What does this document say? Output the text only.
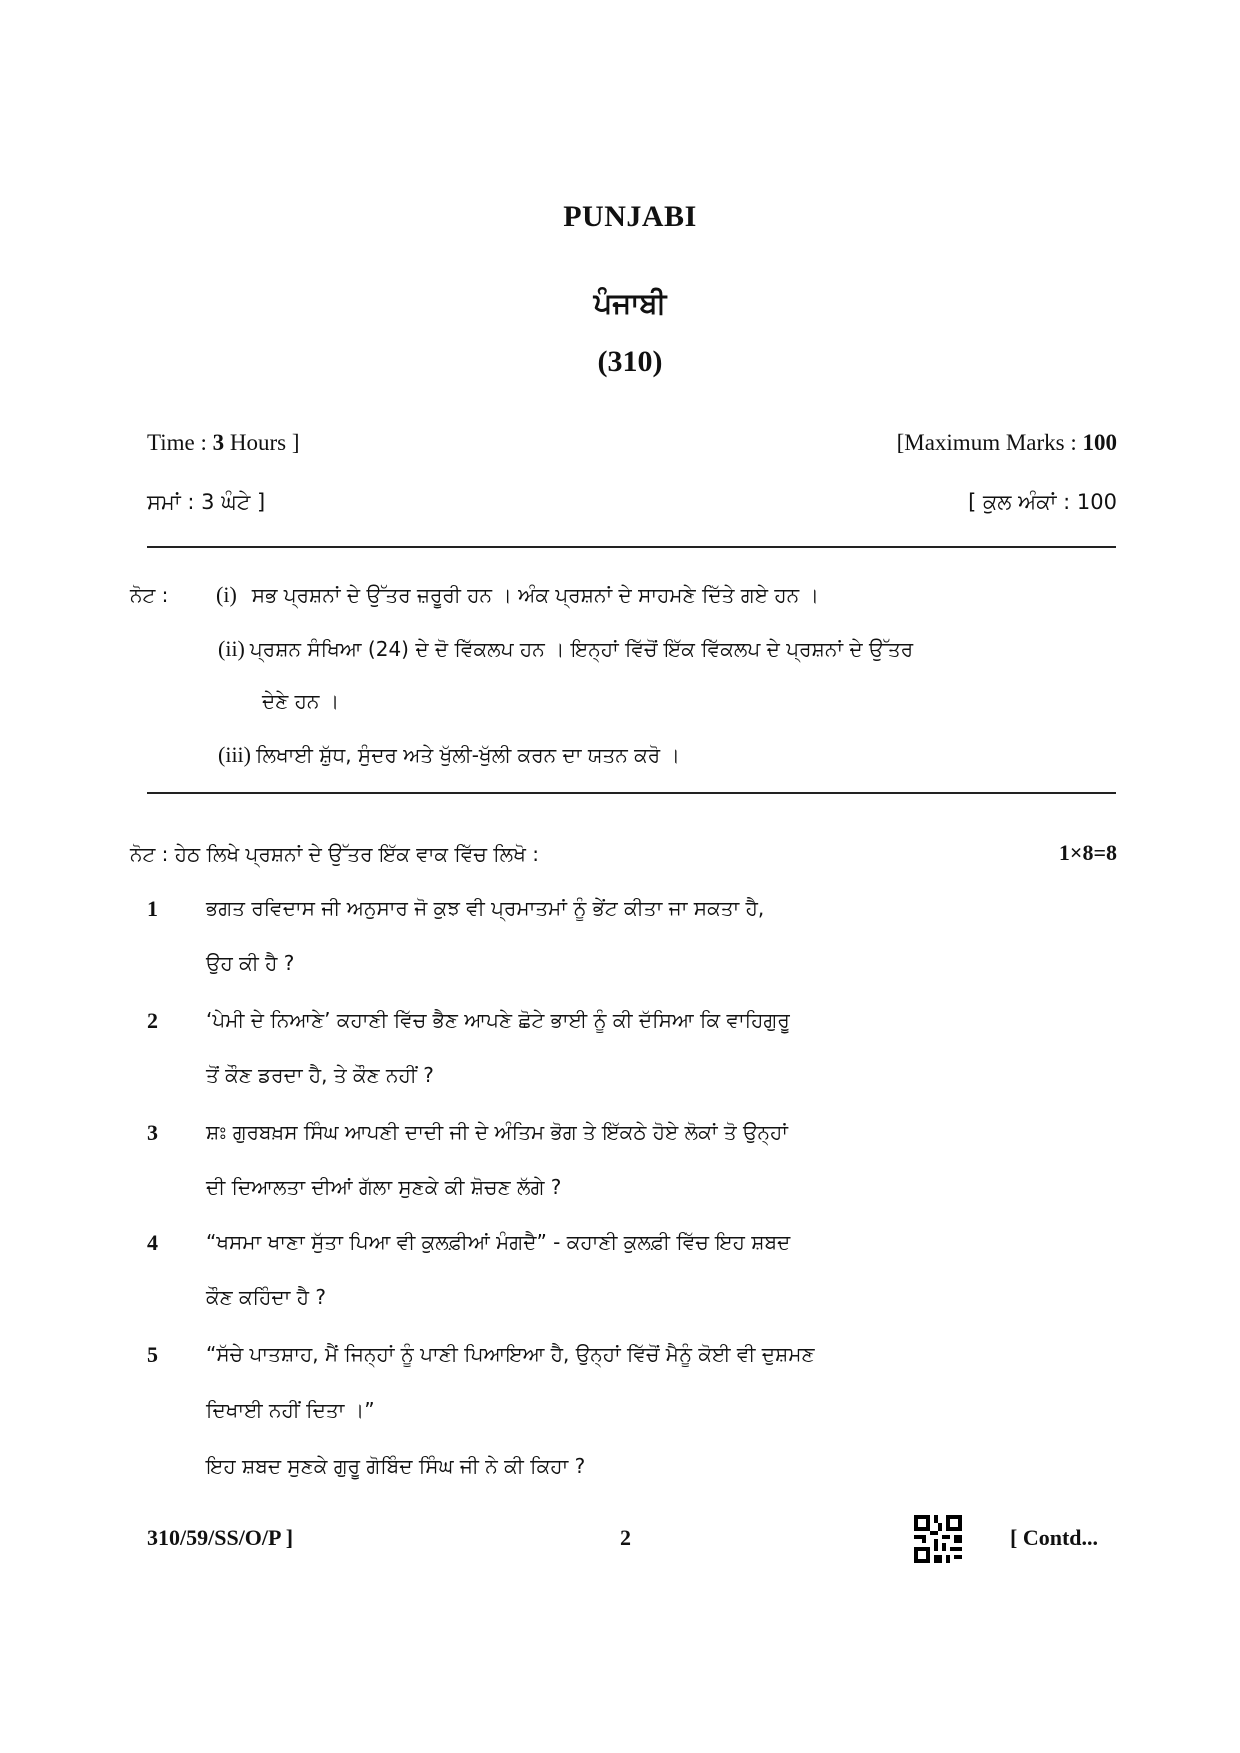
PUNJABI
ਪੰਜਾਬੀ
(310)
Time : 3 Hours ]	[Maximum Marks : 100
ਸਮਾਂ : 3 ਘੰਟੇ ]	[ ਕੁਲ ਅੰਕਾਂ : 100
ਨੋਟ : (i) ਸਭ ਪ੍ਰਸ਼ਨਾਂ ਦੇ ਉੱਤਰ ਜ਼ਰੂਰੀ ਹਨ । ਅੰਕ ਪ੍ਰਸ਼ਨਾਂ ਦੇ ਸਾਹਮਣੇ ਦਿੱਤੇ ਗਏ ਹਨ ।
(ii) ਪ੍ਰਸ਼ਨ ਸੰਖਿਆ (24) ਦੇ ਦੋ ਵਿੱਕਲਪ ਹਨ । ਇਨ੍ਹਾਂ ਵਿੱਚੋਂ ਇੱਕ ਵਿੱਕਲਪ ਦੇ ਪ੍ਰਸ਼ਨਾਂ ਦੇ ਉੱਤਰ
ਦੇਣੇ ਹਨ ।
(iii) ਲਿਖਾਈ ਸ਼ੁੱਧ, ਸੁੰਦਰ ਅਤੇ ਖੁੱਲੀ-ਖੁੱਲੀ ਕਰਨ ਦਾ ਯਤਨ ਕਰੋ ।
ਨੋਟ : ਹੇਠ ਲਿਖੇ ਪ੍ਰਸ਼ਨਾਂ ਦੇ ਉੱਤਰ ਇੱਕ ਵਾਕ ਵਿੱਚ ਲਿਖੋ :	1×8=8
1 ਭਗਤ ਰਵਿਦਾਸ ਜੀ ਅਨੁਸਾਰ ਜੋ ਕੁਝ ਵੀ ਪ੍ਰਮਾਤਮਾਂ ਨੂੰ ਭੇਂਟ ਕੀਤਾ ਜਾ ਸਕਤਾ ਹੈ,
ਉਹ ਕੀ ਹੈ ?
2 ‘ਪੇਮੀ ਦੇ ਨਿਆਣੇ’ ਕਹਾਣੀ ਵਿੱਚ ਭੈਣ ਆਪਣੇ ਛੋਟੇ ਭਾਈ ਨੂੰ ਕੀ ਦੱਸਿਆ ਕਿ ਵਾਹਿਗੁਰੂ
ਤੋਂ ਕੌਣ ਡਰਦਾ ਹੈ, ਤੇ ਕੌਣ ਨਹੀਂ ?
3 ਸ਼ਃ ਗੁਰਬਖ਼ਸ ਸਿੰਘ ਆਪਣੀ ਦਾਦੀ ਜੀ ਦੇ ਅੰਤਿਮ ਭੋਗ ਤੇ ਇੱਕਠੇ ਹੋਏ ਲੋਕਾਂ ਤੋ ਉਨ੍ਹਾਂ
ਦੀ ਦਿਆਲਤਾ ਦੀਆਂ ਗੱਲਾ ਸੁਣਕੇ ਕੀ ਸ਼ੋਚਣ ਲੱਗੇ ?
4 “ਖਸਮਾ ਖਾਣਾ ਸੁੱਤਾ ਪਿਆ ਵੀ ਕੁਲਫ਼ੀਆਂ ਮੰਗਦੈ” - ਕਹਾਣੀ ਕੁਲਫ਼ੀ ਵਿੱਚ ਇਹ ਸ਼ਬਦ
ਕੌਣ ਕਹਿੰਦਾ ਹੈ ?
5 “ਸੱਚੇ ਪਾਤਸ਼ਾਹ, ਮੈਂ ਜਿਨ੍ਹਾਂ ਨੂੰ ਪਾਣੀ ਪਿਆਇਆ ਹੈ, ਉਨ੍ਹਾਂ ਵਿੱਚੋਂ ਮੈਨੂੰ ਕੋਈ ਵੀ ਦੁਸ਼ਮਣ
ਦਿਖਾਈ ਨਹੀਂ ਦਿਤਾ ।”
ਇਹ ਸ਼ਬਦ ਸੁਣਕੇ ਗੁਰੂ ਗੋਬਿੰਦ ਸਿੰਘ ਜੀ ਨੇ ਕੀ ਕਿਹਾ ?
310/59/SS/O/P ]	2	[ Contd...
